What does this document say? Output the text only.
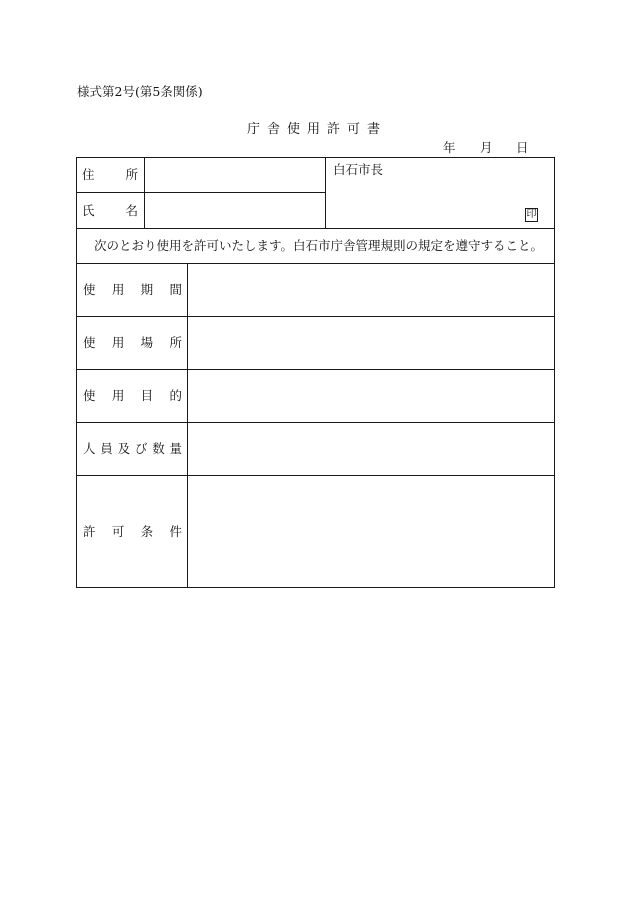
様式第2号(第5条関係)
庁舎使用許可書
年 月 日
住 所
氏 名
白石市長
印
次のとおり使用を許可いたします。白石市庁舎管理規則の規定を遵守すること。
使 用 期 間
使 用 場 所
使 用 目 的
人 員 及 び 数 量
許 可 条 件
